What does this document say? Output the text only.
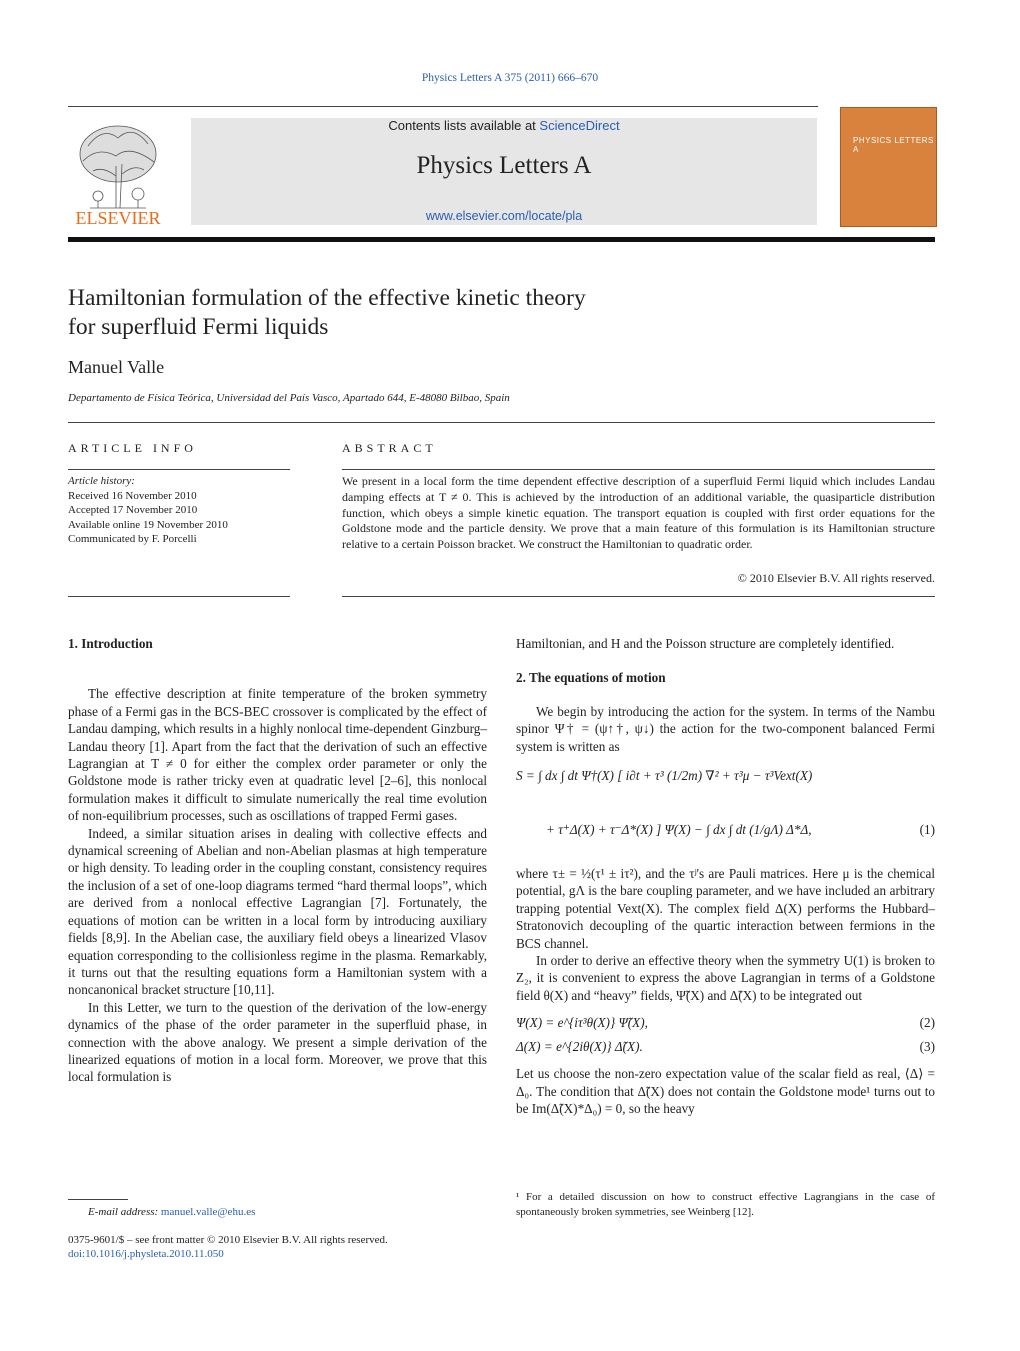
Physics Letters A 375 (2011) 666–670
ELSEVIER
Contents lists available at ScienceDirect
Physics Letters A
www.elsevier.com/locate/pla
PHYSICS LETTERS A
Hamiltonian formulation of the effective kinetic theory
for superfluid Fermi liquids
Manuel Valle
Departamento de Física Teórica, Universidad del País Vasco, Apartado 644, E-48080 Bilbao, Spain
ARTICLE INFO	ABSTRACT
Article history:
Received 16 November 2010
Accepted 17 November 2010
Available online 19 November 2010
Communicated by F. Porcelli
We present in a local form the time dependent effective description of a superfluid Fermi liquid which includes Landau damping effects at T ≠ 0. This is achieved by the introduction of an additional variable, the quasiparticle distribution function, which obeys a simple kinetic equation. The transport equation is coupled with first order equations for the Goldstone mode and the particle density. We prove that a main feature of this formulation is its Hamiltonian structure relative to a certain Poisson bracket. We construct the Hamiltonian to quadratic order.
© 2010 Elsevier B.V. All rights reserved.
1. Introduction

The effective description at finite temperature of the broken symmetry phase of a Fermi gas in the BCS-BEC crossover is complicated by the effect of Landau damping, which results in a highly nonlocal time-dependent Ginzburg–Landau theory [1]. Apart from the fact that the derivation of such an effective Lagrangian at T ≠ 0 for either the complex order parameter or only the Goldstone mode is rather tricky even at quadratic level [2–6], this nonlocal formulation makes it difficult to simulate numerically the real time evolution of non-equilibrium processes, such as oscillations of trapped Fermi gases.

Indeed, a similar situation arises in dealing with collective effects and dynamical screening of Abelian and non-Abelian plasmas at high temperature or high density. To leading order in the coupling constant, consistency requires the inclusion of a set of one-loop diagrams termed “hard thermal loops”, which are derived from a nonlocal effective Lagrangian [7]. Fortunately, the equations of motion can be written in a local form by introducing auxiliary fields [8,9]. In the Abelian case, the auxiliary field obeys a linearized Vlasov equation corresponding to the collisionless regime in the plasma. Remarkably, it turns out that the resulting equations form a Hamiltonian system with a noncanonical bracket structure [10,11].

In this Letter, we turn to the question of the derivation of the low-energy dynamics of the phase of the order parameter in the superfluid phase, in connection with the above analogy. We present a simple derivation of the linearized equations of motion in a local form. Moreover, we prove that this local formulation is

Hamiltonian, and H and the Poisson structure are completely identified.

2. The equations of motion

We begin by introducing the action for the system. In terms of the Nambu spinor Ψ† = (ψ↑†, ψ↓) the action for the two-component balanced Fermi system is written as

S = ∫ dx ∫ dt Ψ†(X) [ i∂t + τ³ (1/2m) ∇² + τ³μ − τ³Vext(X)
+ τ⁺Δ(X) + τ⁻Δ*(X) ] Ψ(X) − ∫ dx ∫ dt (1/gΛ) Δ*Δ,	(1)

where τ± = ½(τ¹ ± iτ²), and the τʲ's are Pauli matrices. Here μ is the chemical potential, gΛ is the bare coupling parameter, and we have included an arbitrary trapping potential Vext(X). The complex field Δ(X) performs the Hubbard–Stratonovich decoupling of the quartic interaction between fermions in the BCS channel.

In order to derive an effective theory when the symmetry U(1) is broken to Z₂, it is convenient to express the above Lagrangian in terms of a Goldstone field θ(X) and “heavy” fields, Ψ̃(X) and Δ̃(X) to be integrated out

Ψ(X) = e^{iτ³θ(X)} Ψ̃(X),	(2)
Δ(X) = e^{2iθ(X)} Δ̃(X).	(3)

Let us choose the non-zero expectation value of the scalar field as real, ⟨Δ⟩ = Δ₀. The condition that Δ̃(X) does not contain the Goldstone mode¹ turns out to be Im(Δ̃(X)*Δ₀) = 0, so the heavy

E-mail address: manuel.valle@ehu.es
0375-9601/$ – see front matter © 2010 Elsevier B.V. All rights reserved.
doi:10.1016/j.physleta.2010.11.050
¹ For a detailed discussion on how to construct effective Lagrangians in the case of spontaneously broken symmetries, see Weinberg [12].
